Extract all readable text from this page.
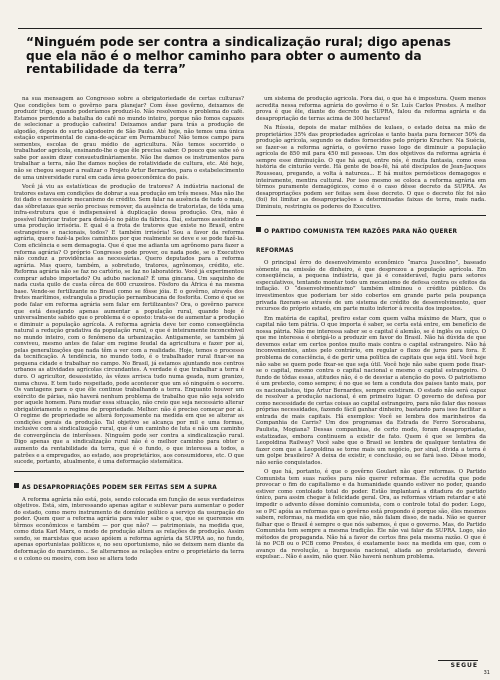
“Ninguém pode ser contra a sindicalização rural; digo apenas que ela não é o melhor caminho para obter o aumento da rentabilidade da terra”

na sua mensagem ao Congresso sobre a obrigatoriedade de certas culturas? Que condições tem o govêrno para planejar? Com êsse govêrno, deixamos de produzir trigo, quando poderíamos produzi-lo. Não resolvemos o problema do café. Estamos perdendo a batalha do café no mundo inteiro, porque não fomos capazes de selecionar a produção cafeeira! Deixamos andar para trás a produção de algodão, depois do surto algodoeiro de São Paulo. Até hoje, não temos uma única estação experimental de cana-de-açúcar em Pernambuco! Não temos campo para sementes, escolas de grau médio de agricultura. Não temos socorrido o trabalhador agrícola, ensinando-lhe o que êle precisa saber. O pouco que sabe só o sabe por assim dizer consuetudinàriamente. Não lhe damos os instrumentos para trabalhar a terra, não lhe damos noções de rotatividade de cultura, etc. Até hoje, não se chegou sequer a realizar o Projeto Artur Bernardes, para o estabelecimento de uma universidade rural em cada área geoeconômica do país.

Você já viu as estatísticas de produção de tratores? A indústria nacional de tratores estava em condições de dobrar a sua produção em três meses. Mas não lhe foi dado o necessário mecanismo de crédito. Sem falar na ausência de tudo o mais, das sôbretaxas que serão precisas remover, da ausência de tratoristas, de tôda uma infra-estrutura que é indispensável à duplicação dessa produção. Ora, não é possível fabricar trator para deixá-lo no pátio da fábrica. Daí, estarmos assistindo a uma produção irrisória. E qual é a frota de tratores que existe no Brasil, entre estrangeiros e nacionais, todos? E também irrisória! Sou a favor da reforma agrária, quero fazê-la pelos caminhos por que realmente se deve e se pode fazê-la. Com eficiência e sem demagogia. Que é que me adianta um agrônomo para fazer a reforma agrária? O próprio Congresso pode prover, ou nada pode, se o Executivo não conduz a providências as necessárias. Quero deputados para a reforma agrária. Mas quero, também, a sobretudo, tratores, agrônomos, crédito, etc. Reforma agrária não se faz no cartório, se faz no laboratório. Você já experimentou comprar adubo importado? Ou adubo nacional? É uma gincana. Um saquinho de nada custa quilo de custa cêrca de 600 cruzeiros. Fòsforo da África é na mesma base. Vende-se fertilizante no Brasil como se fôsse jóia. E o govêrno, através dos fretes marítimos, estrangula a produção pernambucana de fosforita. Como é que se pode falar em reforma agrária sem falar em fertilizantes? Ora, o govêrno parece que está desejando apenas aumentar a população rural, quando hoje é universalmente sabido que o problema é o oposto: trata-se de aumentar a produção e diminuir a população agrícola. A reforma agrária deve ter como conseqüência natural a redução gradativa da população rural, o que é inteiramente inconcebível no mundo inteiro, com o fenômeno da urbanização. Antigamente, se também já conviveu, mesmo antes de falar em regime feudal da agricultura e fazer por aí, pelas generalizações que nada têm a ver com a realidade. Hoje, temos o processo da tecnificação. A tendência, no mundo todo, é o trabalhador rural fixar-se na pequena cidade e trabalhar no campo. No Brasil, já estamos ajuntando nos centros urbanos as atividades agrícolas circundantes. A verdade é que trabalhar a terra é duro. O agricultor, desassistido, às vêzes arrisca tudo numa geada, num granizo, numa chuva. E tem tudo respeitado, pode acontecer que um só ninguém o socorre. Os vantagens para o que êle continue trabalhando a terra. Enquanto houver um exército de párias, não haverá nenhum problema de trabalho que não seja solvido por aquele homem. Para mudar essa situação, não creio que seja necessário alterar obrigatòriamente o regime de propriedade. Melhor: não é preciso começar por aí. O regime de propriedade se alterá forçosamente na medida em que se alterar as condições gerais da produção. Tal objetivo se alcança por mil e uma formas, inclusive com a sindicalização rural, que é um caminho de luta e não um caminho de convergência de interêsses. Ninguém pode ser contra a sindicalização rural. Digo apenas que a sindicalização rural não é o melhor caminho para obter o aumento da rentabilidade da terra, que é o fundo, o que interessa a todos, a patrões e a empregados, ao estado, aos proprietários, aos consumidores, etc. O que sucede, portanto, atualmente, é uma deformação sistemática.

AS DESAPROPRIAÇÕES PODEM SER FEITAS SEM A SUPRA

A reforma agrária não está, pois, sendo colocada em função de seus verdadeiros objetivos. Está, sim, interessando apenas agitar e sublevar para aumentar o poder do estado, como mero instrumento de domínio político a serviço da usurpação do poder. Quem quer a reforma agrária para valer sabe o que, que se queremos em têrmos econômicos e também — por que não? — patrimoniais, na medida que, como dizia Karl Marx, o modo de produção altera as relações de produção. Assim sendo, se marxistas que acaso apóiem a reforma agrária da SUPRA ao, no fundo, apenas oportunistas políticos e, no seu oportunismo, não se deixem nem diante da deformação do marxismo... Se alterarmos as relações entre o proprietário da terra e o colono ou meeiro, com isso se altera todo

um sistema de produção agrícola. Fora daí, o que há é impostura. Quem menos acredita nessa reforma agrária do govêrno é o Sr. Luís Carlos Prestes. A melhor prova é que êle, diante do decreto da SUPRA, falou da reforma agrária e da desapropriação de terras acima de 300 hectares!

Na Rússia, depois de matar milhões de kulaes, o estado deixa na mão de proprietários 35% das propriedades agrícolas e tanto basta para fornecer 50% da produção agrícola, segundo os dados fornecidos pelo próprio Kruchev. Na Suécia, se fazer-se a reforma agrária, o govêrno russo logo de diminuir a população agrícola de 850 mil para 450 mil pessoas. Um dos objetivos da reforma agrária é sempre esse diminuição. O que há aqui, entre nós, é muita fantasia, como essa história de cinturão verde. Há gente de boa-fé, há até discípulos de Jean-Jacques Rousseau, pregando, a volta à natureza... E há muitos pernósticos demagogos e inteiramente, mentira cultural. Por isso mesmo se coloca a reforma agrária em têrmos puramente demagógicos, como é o caso dêsse decreto da SUPRA. As desapropriações podem ser feitas sem êsse decreto. O que o decreto fêz foi não (foi) foi limitar as desapropriações a determinadas faixas de terra, mais nada. Diminuiu, restringiu os poderes do Executivo.

O PARTIDO COMUNISTA TEM RAZÕES PARA NÃO QUERER REFORMAS

O principal êrro do desenvolvimento econômico “marca Juscelino”, baseado sòmente na emissão de dinheiro, é que desprezou a população agrícola. Em conseqüência, a pequena indústria, que já é considerável, fugiu para setores especulativos, tentando montar todo um mecanismo de defesa contra os efeitos da inflação. O “desenvolvimentismo” também eliminou o crédito público. Os investimentos que poderiam ter sido cobertos em grande parte pela poupança privada fizeram-se através de um sistema de crédito de desenvolvimento, quer recursos do próprio estado, em parte muito inferior à receita dos impostos.

Em matéria de capital, prefiro estar com quem valha máximo de Marx, que o capital não tem pátria. O que importa é saber, se certa está entre, em benefício de nossa pátria. Não me interessa saber se o capital é alemão, se é inglês ou suíço. O que me interessa é obrigá-lo a produzir em favor do Brasil. Não há dúvida de que devemos estar em certos pontos muito mais contra o capital estrangeiro. Não há inconvenientes, antes pelo contrário, em regular o fluxo de juros para fora. É problema de consciência, é de gerir uma política de capitais que seja útil. Você hoje não sabe se quem pode fixar-se que seja útil. Você hoje não sabe quem pode fixar-se o capital, mesmo contra o capital nacional e mesmo o capital estrangeiro. O fundo de tôdas essas, atitudes não, é o de desviar a atenção do povo. O patriotismo é um pretexto, como sempre; é no que se tem a conduta dos países tanto mais, por os nacionalistas, tipo Artur Bernardes, sempre existiram. O estado não será capaz de resolver a produção nacional, é em primeiro lugar. O governo de defesa por como necessidade de certas coisas ao capital estrangeiro, para não falar das nossas próprias necessidades, fazendo fácil ganhar dinheiro, bastando para isso facilitar a entrada de mais capitais. Há exemplos: Você se lembra dos marinheiros da Companhia de Carris? Um dos programas da Estrada de Ferro Sorocabana, Paulista, Mogiana? Dessas companhias, de certo modo, foram desapropriadas, estatizadas, embora continuem a existir de fato. Quem é que se lembra da Leopoldina Railway? Você sabe que o Brasil se lembra de qualquer tentativa de fazer com que a Leopoldina se torne mais um negócio, por sinal, divida a terra é um golpe brasileiro? A deixa de existir, e conclusão, ou se fará isso. Dêsse modo, não serão conquistados.

O que há, portanto, é que o govêrno Goulart não quer reformas. O Partido Comunista tem suas razões para não querer reformas. Êle acredita que pode provocar o fim do capitalismo e da humanidade quando estiver no poder, quando estiver como contolado total do poder. Estão implantará a ditadura do partido único, para assim chegar à felicidade geral. Ora, as reformas viriam retardar e até impedir o advento dêsse domínio comunista, com o controle total do poder. Logo, se o PC apóia as reformas que o govêrno está propondo é porque são, êles mesmos sabem, reformas, na medida em que não, não falam disso, de nada. Não se querer falhar que o Brasil é sempre o que nós sabemos, é que o governo. Mas, do Partido Comunista tem sempre a mesma tradição. Êle não vai falar da SUPRA. Logo, são métodos de propaganda. Não há a favor de certos fins pela mesma razão. O que é lá no PCB ou o PCB como Prestes, é exatamente isso: na medida em que, com o avanço da revolução, a burguesia nacional, aliada ao proletariado, deverá expulsar... Não é assim, não quer. Não haverá nenhum problema.

SEGUE
31
